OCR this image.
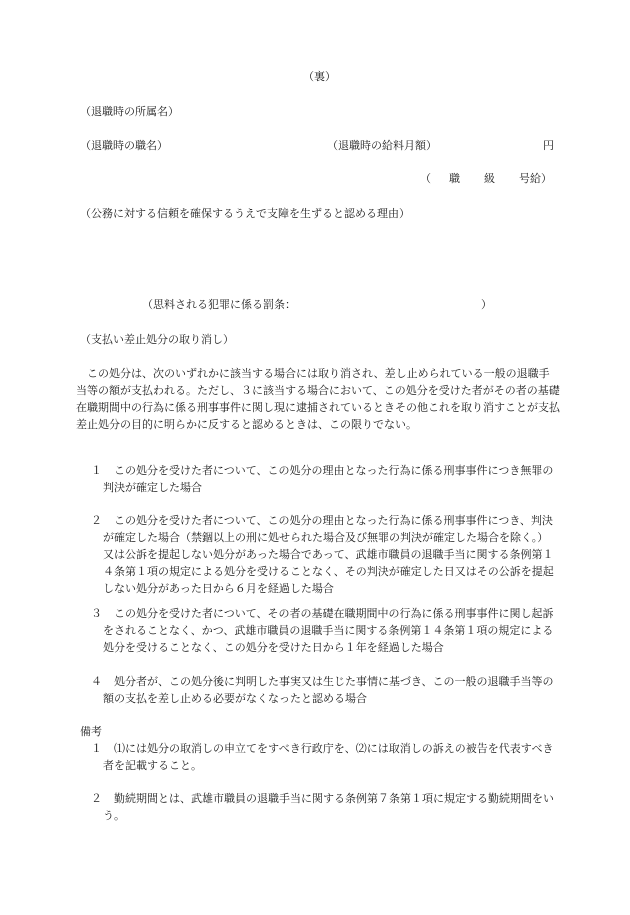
（裏）
（退職時の所属名）
（退職時の職名）	（退職時の給料月額）	円
（ 職 級 号給）
（公務に対する信頼を確保するうえで支障を生ずると認める理由）
（思料される犯罪に係る罰条：	）
（支払い差止処分の取り消し）
この処分は、次のいずれかに該当する場合には取り消され、差し止められている一般の退職手当等の額が支払われる。ただし、３に該当する場合において、この処分を受けた者がその者の基礎在職期間中の行為に係る刑事事件に関し現に逮捕されているときその他これを取り消すことが支払差止処分の目的に明らかに反すると認めるときは、この限りでない。
１	この処分を受けた者について、この処分の理由となった行為に係る刑事事件につき無罪の判決が確定した場合
２	この処分を受けた者について、この処分の理由となった行為に係る刑事事件につき、判決が確定した場合（禁錮以上の刑に処せられた場合及び無罪の判決が確定した場合を除く。）又は公訴を提起しない処分があった場合であって、武雄市職員の退職手当に関する条例第１４条第１項の規定による処分を受けることなく、その判決が確定した日又はその公訴を提起しない処分があった日から６月を経過した場合
３	この処分を受けた者について、その者の基礎在職期間中の行為に係る刑事事件に関し起訴をされることなく、かつ、武雄市職員の退職手当に関する条例第１４条第１項の規定による処分を受けることなく、この処分を受けた日から１年を経過した場合
４	処分者が、この処分後に判明した事実又は生じた事情に基づき、この一般の退職手当等の額の支払を差し止める必要がなくなったと認める場合
備考
１	⑴には処分の取消しの申立てをすべき行政庁を、⑵には取消しの訴えの被告を代表すべき者を記載すること。
２	勤続期間とは、武雄市職員の退職手当に関する条例第７条第１項に規定する勤続期間をいう。
